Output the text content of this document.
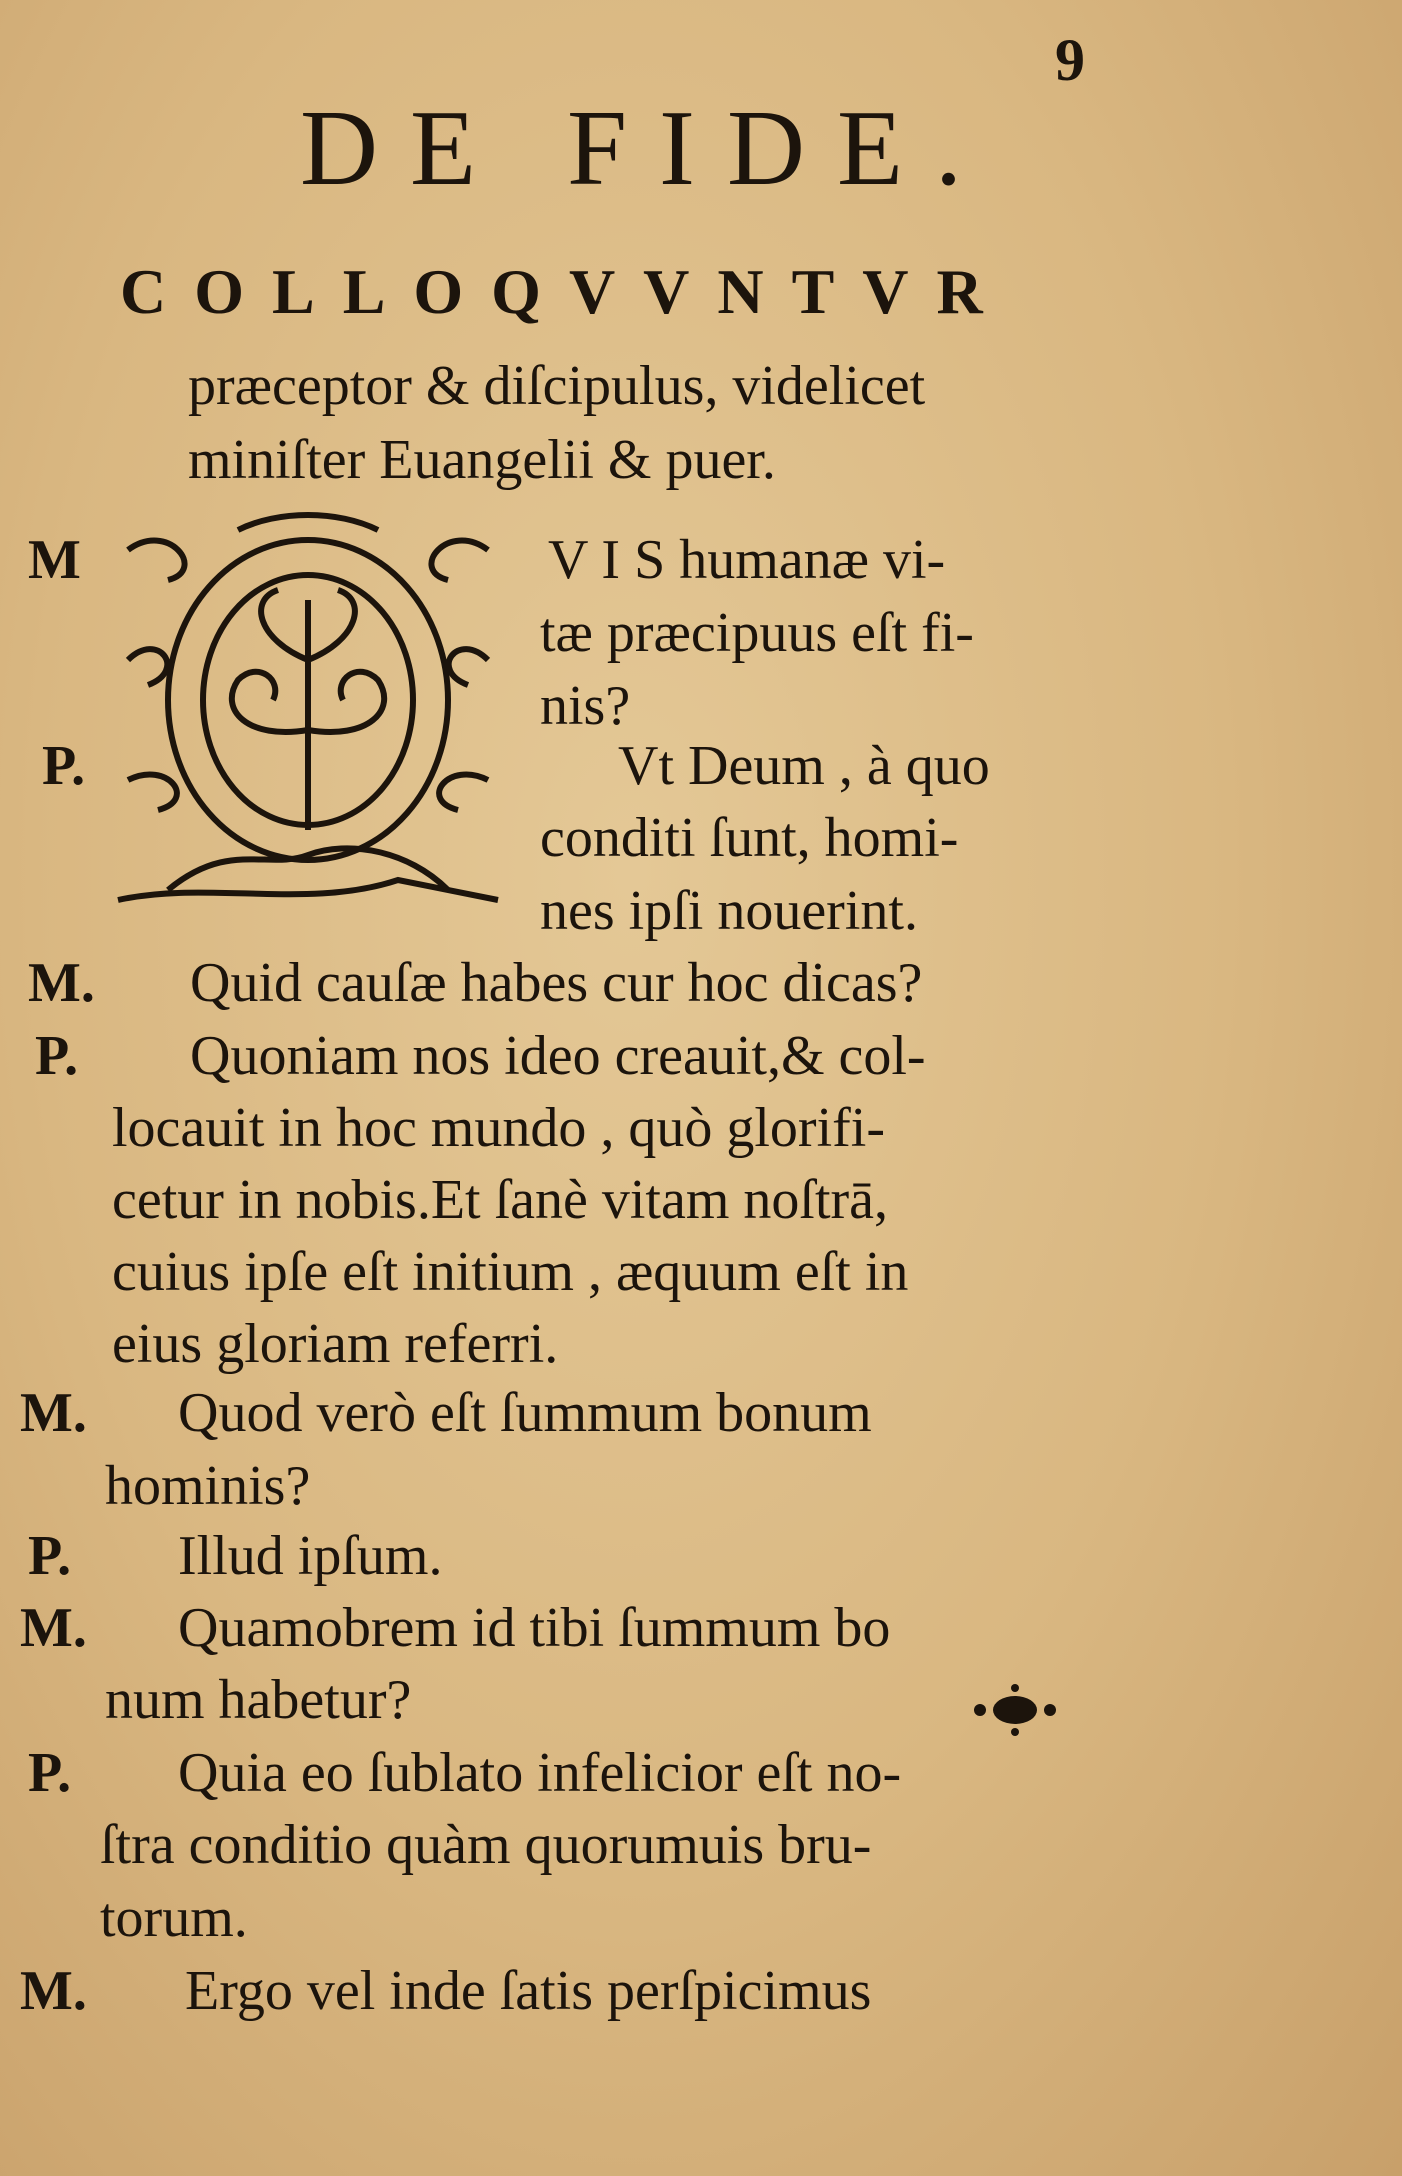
9
DE FIDE.
COLLOQVVNTVR
præceptor & diſcipulus, videlicet
miniſter Euangelii & puer.
M
P.
M.
P.
M.
P.
M.
P.
M.
V I S humanæ vi-
tæ præcipuus eſt fi-
nis?
Vt Deum , à quo
conditi ſunt, homi-
nes ipſi nouerint.
Quid cauſæ habes cur hoc dicas?
Quoniam nos ideo creauit,& col-
locauit in hoc mundo , quò glorifi-
cetur in nobis.Et ſanè vitam noſtrā,
cuius ipſe eſt initium , æquum eſt in
eius gloriam referri.
Quod verò eſt ſummum bonum
hominis?
Illud ipſum.
Quamobrem id tibi ſummum bo
num habetur?
Quia eo ſublato infelicior eſt no-
ſtra conditio quàm quorumuis bru-
torum.
Ergo vel inde ſatis perſpicimus
